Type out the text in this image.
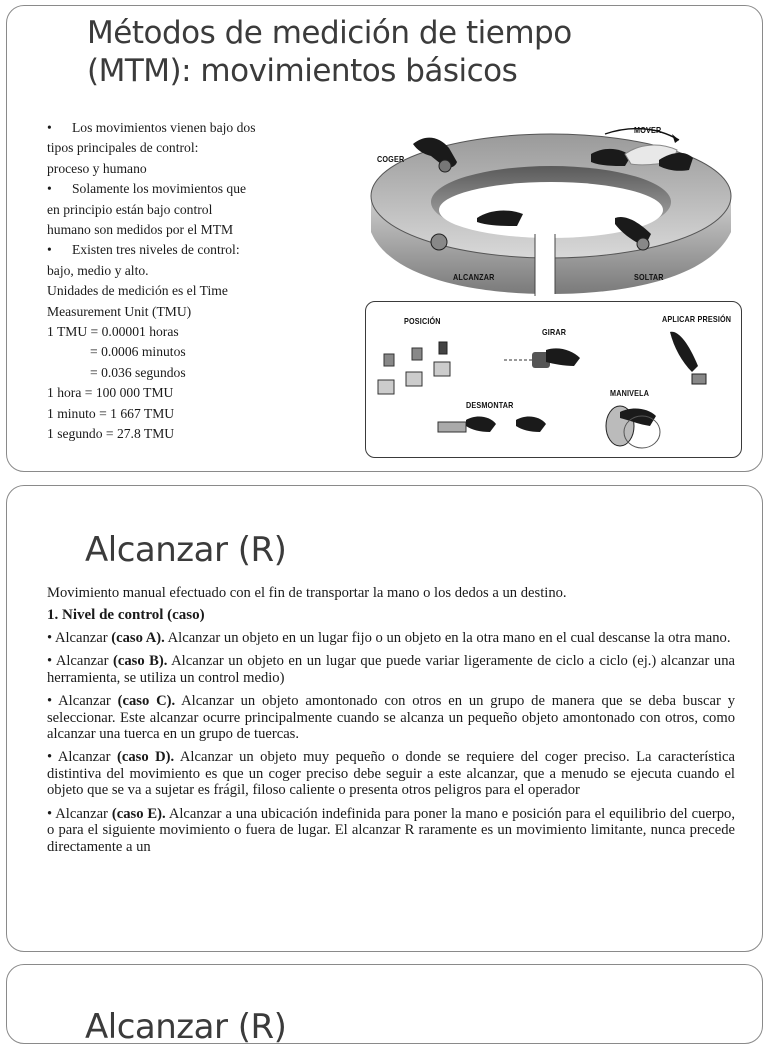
Métodos de medición de tiempo
(MTM): movimientos básicos
• Los movimientos vienen bajo dos
tipos principales de control:
proceso y humano
• Solamente los movimientos que
en principio están bajo control
humano son medidos por el MTM
• Existen tres niveles de control:
bajo, medio y alto.
Unidades de medición es el Time
Measurement Unit (TMU)
1 TMU = 0.00001 horas
= 0.0006 minutos
= 0.036 segundos
1 hora = 100 000 TMU
1 minuto = 1 667 TMU
1 segundo = 27.8 TMU
COGER
MOVER
ALCANZAR	SOLTAR
POSICIÓN
GIRAR
APLICAR PRESIÓN
DESMONTAR
MANIVELA
Alcanzar (R)

Movimiento manual efectuado con el fin de transportar la mano o los dedos a un destino.

1. Nivel de control (caso)

• Alcanzar (caso A). Alcanzar un objeto en un lugar fijo o un objeto en la otra mano en el cual descanse la otra mano.

• Alcanzar (caso B). Alcanzar un objeto en un lugar que puede variar ligeramente de ciclo a ciclo (ej.) alcanzar una herramienta, se utiliza un control medio)

• Alcanzar (caso C). Alcanzar un objeto amontonado con otros en un grupo de manera que se deba buscar y seleccionar. Este alcanzar ocurre principalmente cuando se alcanza un pequeño objeto amontonado con otros, como alcanzar una tuerca en un grupo de tuercas.

• Alcanzar (caso D). Alcanzar un objeto muy pequeño o donde se requiere del coger preciso. La característica distintiva del movimiento es que un coger preciso debe seguir a este alcanzar, que a menudo se ejecuta cuando el objeto que se va a sujetar es frágil, filoso caliente o presenta otros peligros para el operador

• Alcanzar (caso E). Alcanzar a una ubicación indefinida para poner la mano e posición para el equilibrio del cuerpo, o para el siguiente movimiento o fuera de lugar. El alcanzar R raramente es un movimiento limitante, nunca precede directamente a un

Alcanzar (R)
